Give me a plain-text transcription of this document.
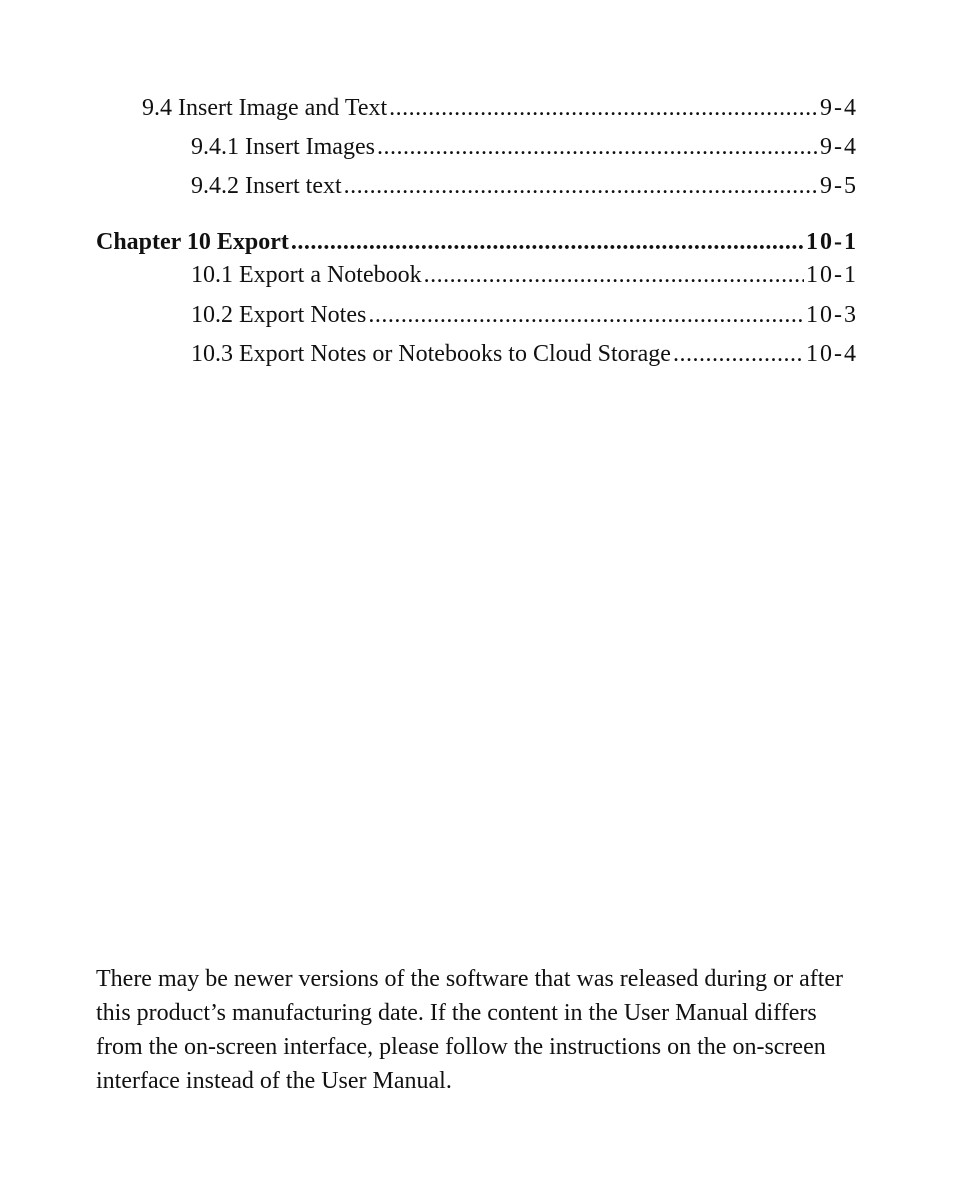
9.4 Insert Image and Text .....	9-4
9.4.1 Insert Images .....	9-4
9.4.2 Insert text .....	9-5
Chapter 10 Export .....	10-1
10.1 Export a Notebook .....	10-1
10.2 Export Notes .....	10-3
10.3 Export Notes or Notebooks to Cloud Storage .....	10-4

There may be newer versions of the software that was released during or after this product’s manufacturing date. If the content in the User Manual differs from the on-screen interface, please follow the instructions on the on-screen interface instead of the User Manual.
